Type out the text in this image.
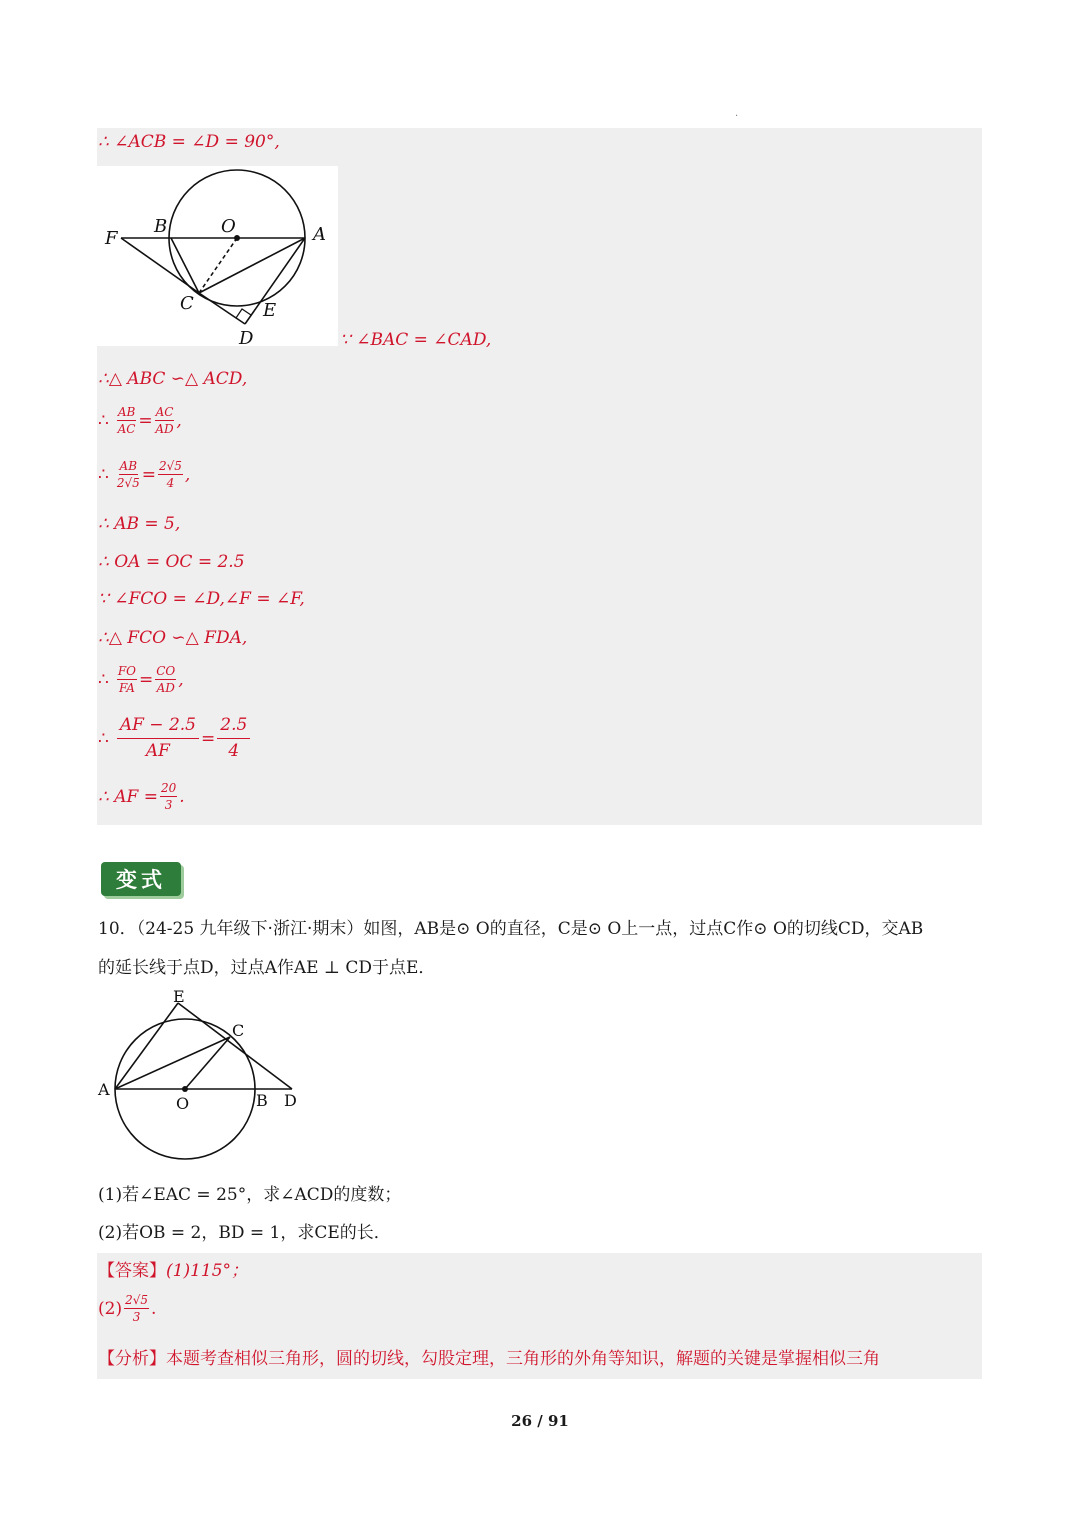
.
∴ ∠ACB = ∠D = 90°,
F
B	O	A
C	E
D	∵ ∠BAC = ∠CAD,
∴△ ABC ∽△ ACD,
∴ $\frac{AB}{AC} = \frac{AC}{AD}$ ,
∴ $\frac{AB}{2√5} = \frac{2√5}{4}$ ,
∴ AB = 5,
∴ OA = OC = 2.5
∵ ∠FCO = ∠D,∠F = ∠F,
∴△ FCO ∽△ FDA,
∴ $\frac{FO}{FA} = \frac{CO}{AD}$ ,
∴ $\frac{AF - 2.5}{AF} = \frac{2.5}{4}$
∴ AF = $\frac{20}{3}$ .
变式
10．（24-25 九年级下·浙江·期末）如图，AB是⊙ O的直径，C是⊙ O上一点，过点C作⊙ O的切线CD，交AB
的延长线于点D，过点A作AE ⊥ CD于点E．
E
C
A
O	B D
(1)若∠EAC = 25°，求∠ACD的度数；
(2)若OB = 2，BD = 1，求CE的长．
【答案】 (1)115°；
$(2) \frac{2√5}{3}$ .
【分析】 本题考查相似三角形，圆的切线，勾股定理，三角形的外角等知识，解题的关键是掌握相似三角
26 / 91
